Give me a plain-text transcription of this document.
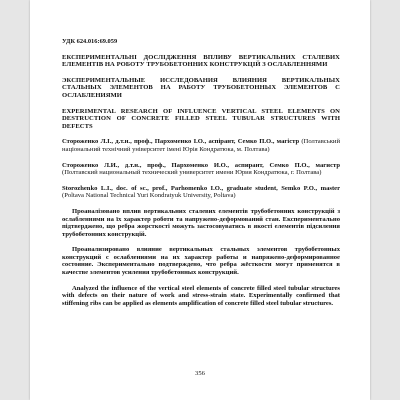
УДК 624.016:69.059
ЕКСПЕРИМЕНТАЛЬНІ ДОСЛІДЖЕННЯ ВПЛИВУ ВЕРТИКАЛЬНИХ СТАЛЕВИХ ЕЛЕМЕНТІВ НА РОБОТУ ТРУБОБЕТОННИХ КОНСТРУКЦІЙ З ОСЛАБЛЕННЯМИ
ЭКСПЕРИМЕНТАЛЬНЫЕ ИССЛЕДОВАНИЯ ВЛИЯНИЯ ВЕРТИКАЛЬНЫХ СТАЛЬНЫХ ЭЛЕМЕНТОВ НА РАБОТУ ТРУБОБЕТОННЫХ ЭЛЕМЕНТОВ С ОСЛАБЛЕНИЯМИ
EXPERIMENTAL RESEARCH OF INFLUENCE VERTICAL STEEL ELEMENTS ON DESTRUCTION OF CONCRETE FILLED STEEL TUBULAR STRUCTURES WITH DEFECTS
Стороженко Л.І., д.т.н., проф., Пархоменко І.О., аспірант, Семко П.О., магістр (Полтавський національний технічний університет імені Юрія Кондратюка, м. Полтава)
Стороженко Л.И., д.т.н., проф., Пархоменко И.О., аспирант, Семко П.О., магистр (Полтавский национальный технический университет имени Юрия Кондратюка, г. Полтава)
Storozhenko L.I., doc. of sc., prof., Parhomenko I.O., graduate student, Semko P.O., master (Poltava National Technical Yuri Kondratyuk University, Poltava)
Проаналізовано вплив вертикальних сталевих елементів трубобетонних конструкцій з ослабленнями на їх характер роботи та напружено-деформований стан. Експериментально підтверджено, що ребра жорсткості можуть застосовуватись в якості елементів підсилення трубобетонних конструкцій.
Проанализировано влияние вертикальных стальных элементов трубобетонных конструкций с ослаблениями на их характер работы и напряжено-деформированное состояние. Экспериментально подтверждено, что ребра жёсткости могут применятся в качестве элементов усиления трубобетонных конструкций.
Analyzed the influence of the vertical steel elements of concrete filled steel tubular structures with defects on their nature of work and stress-strain state. Experimentally confirmed that stiffening ribs can be applied as elements amplification of concrete filled steel tubular structures.
356
